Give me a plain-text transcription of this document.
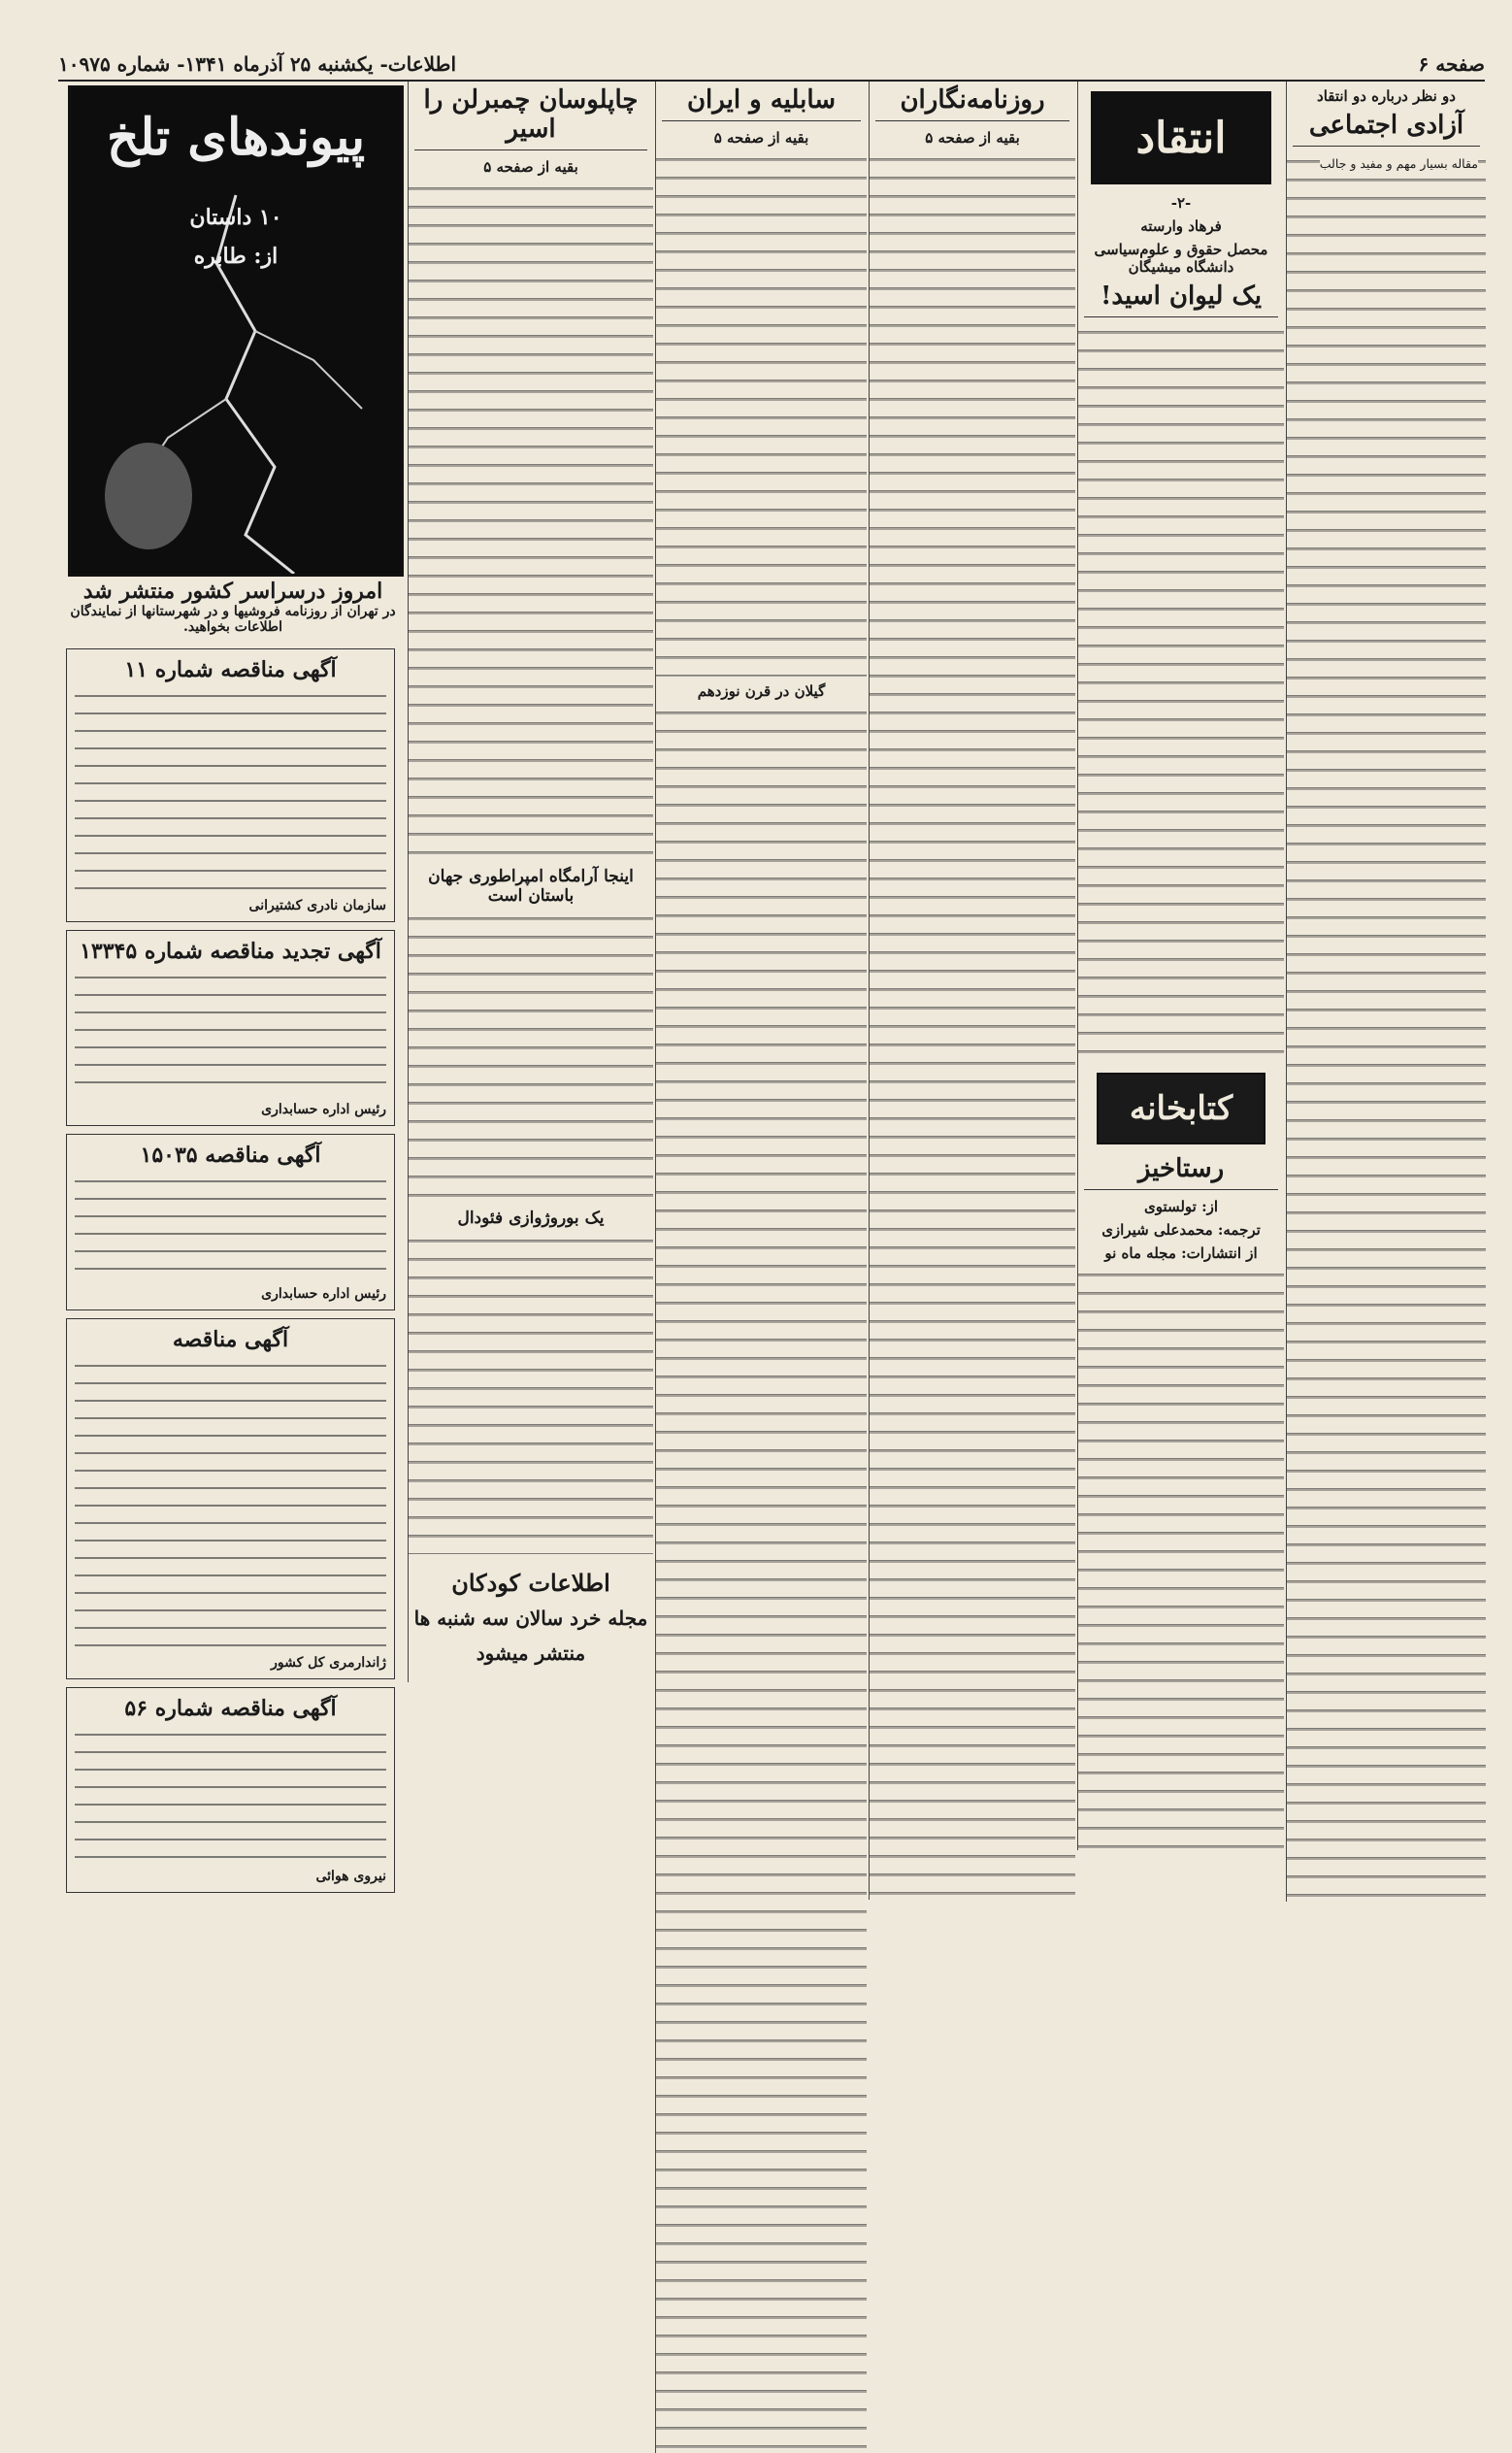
صفحه ۶
اطلاعات- یکشنبه ۲۵ آذرماه ۱۳۴۱- شماره ۱۰۹۷۵
دو نظر درباره دو انتقاد
آزادی اجتماعی
مقاله بسیار مهم و مفید و جالب
انتقاد
-۲-
فرهاد وارسته
محصل حقوق و علوم‌سیاسی دانشگاه میشیگان
یک لیوان اسید!
کتابخانه
رستاخیز
از: تولستوی
ترجمه: محمدعلی شیرازی
از انتشارات: مجله ماه نو
روزنامه‌نگاران
بقیه از صفحه ۵
سابلیه و ایران
بقیه از صفحه ۵
گیلان در قرن نوزدهم
چاپلوسان چمبرلن را اسیر
بقیه از صفحه ۵
اینجا آرامگاه امپراطوری جهان باستان است
یک بوروژوازی فئودال
اطلاعات کودکان
مجله خرد سالان سه شنبه ها منتشر میشود
پیوندهای تلخ
۱۰ داستان
از: طابره
امروز درسراسر کشور منتشر شد
در تهران از روزنامه فروشیها و در شهرستانها از نمایندگان اطلاعات بخواهید.
آگهی مناقصه شماره ۱۱
سازمان نادری کشتیرانی
آگهی تجدید مناقصه شماره ۱۳۳۴۵
رئیس اداره حسابداری
آگهی مناقصه ۱۵۰۳۵
رئیس اداره حسابداری
آگهی مناقصه
ژاندارمری کل کشور
آگهی مناقصه شماره ۵۶
نیروی هوائی
